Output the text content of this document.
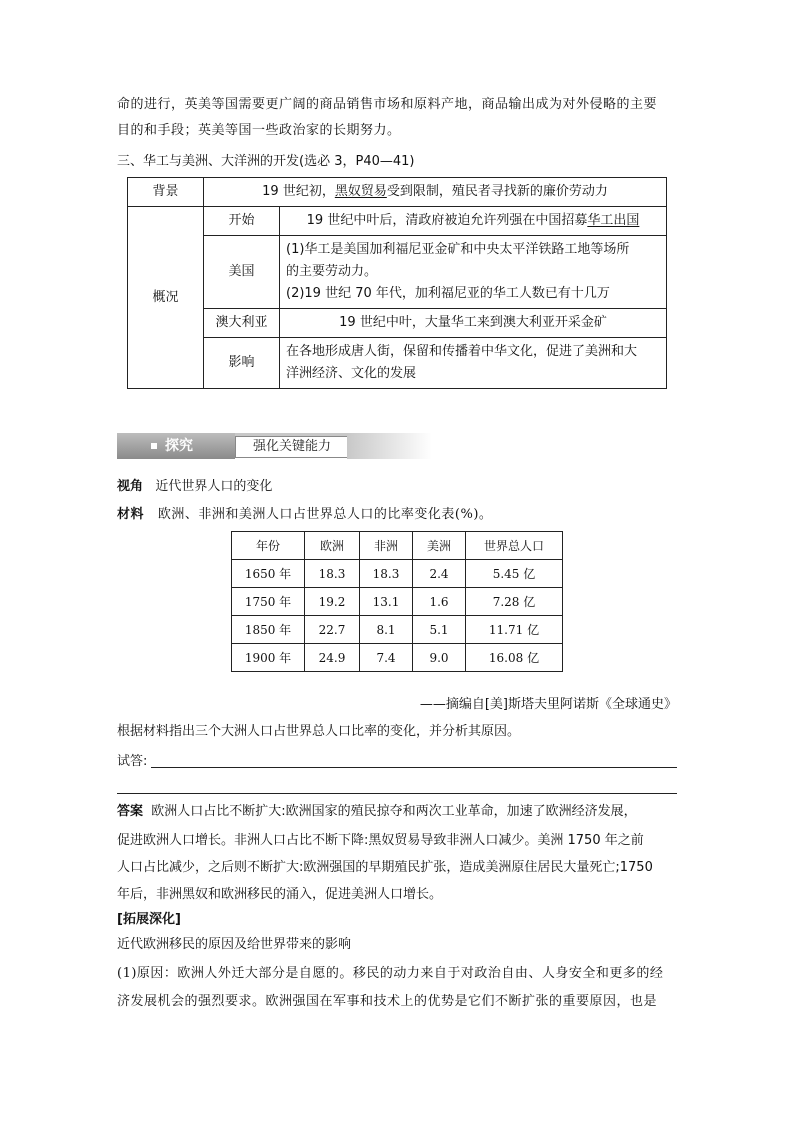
命的进行，英美等国需要更广阔的商品销售市场和原料产地，商品输出成为对外侵略的主要
目的和手段；英美等国一些政治家的长期努力。
三、华工与美洲、大洋洲的开发(选必 3，P40—41)
背景	19 世纪初，黑奴贸易受到限制，殖民者寻找新的廉价劳动力	
概况	开始	19 世纪中叶后，清政府被迫允许列强在中国招募华工出国
	美国	(1)华工是美国加利福尼亚金矿和中央太平洋铁路工地等场所
的主要劳动力。
(2)19 世纪 70 年代，加利福尼亚的华工人数已有十几万

	澳大利亚	19 世纪中叶，大量华工来到澳大利亚开采金矿
	影响	在各地形成唐人街，保留和传播着中华文化，促进了美洲和大
洋洲经济、文化的发展
探究	强化关键能力
视角 近代世界人口的变化
材料 欧洲、非洲和美洲人口占世界总人口的比率变化表(%)。
年份	欧洲	非洲	美洲	世界总人口
1650 年	18.3	18.3	2.4	5.45 亿
1750 年	19.2	13.1	1.6	7.28 亿
1850 年	22.7	8.1	5.1	11.71 亿
1900 年	24.9	7.4	9.0	16.08 亿
——摘编自[美]斯塔夫里阿诺斯《全球通史》
根据材料指出三个大洲人口占世界总人口比率的变化，并分析其原因。
试答:
答案 欧洲人口占比不断扩大:欧洲国家的殖民掠夺和两次工业革命，加速了欧洲经济发展，
促进欧洲人口增长。非洲人口占比不断下降:黑奴贸易导致非洲人口减少。美洲 1750 年之前
人口占比减少，之后则不断扩大:欧洲强国的早期殖民扩张，造成美洲原住居民大量死亡;1750
年后，非洲黑奴和欧洲移民的涌入，促进美洲人口增长。
[拓展深化]
近代欧洲移民的原因及给世界带来的影响
(1)原因：欧洲人外迁大部分是自愿的。移民的动力来自于对政治自由、人身安全和更多的经
济发展机会的强烈要求。欧洲强国在军事和技术上的优势是它们不断扩张的重要原因，也是
